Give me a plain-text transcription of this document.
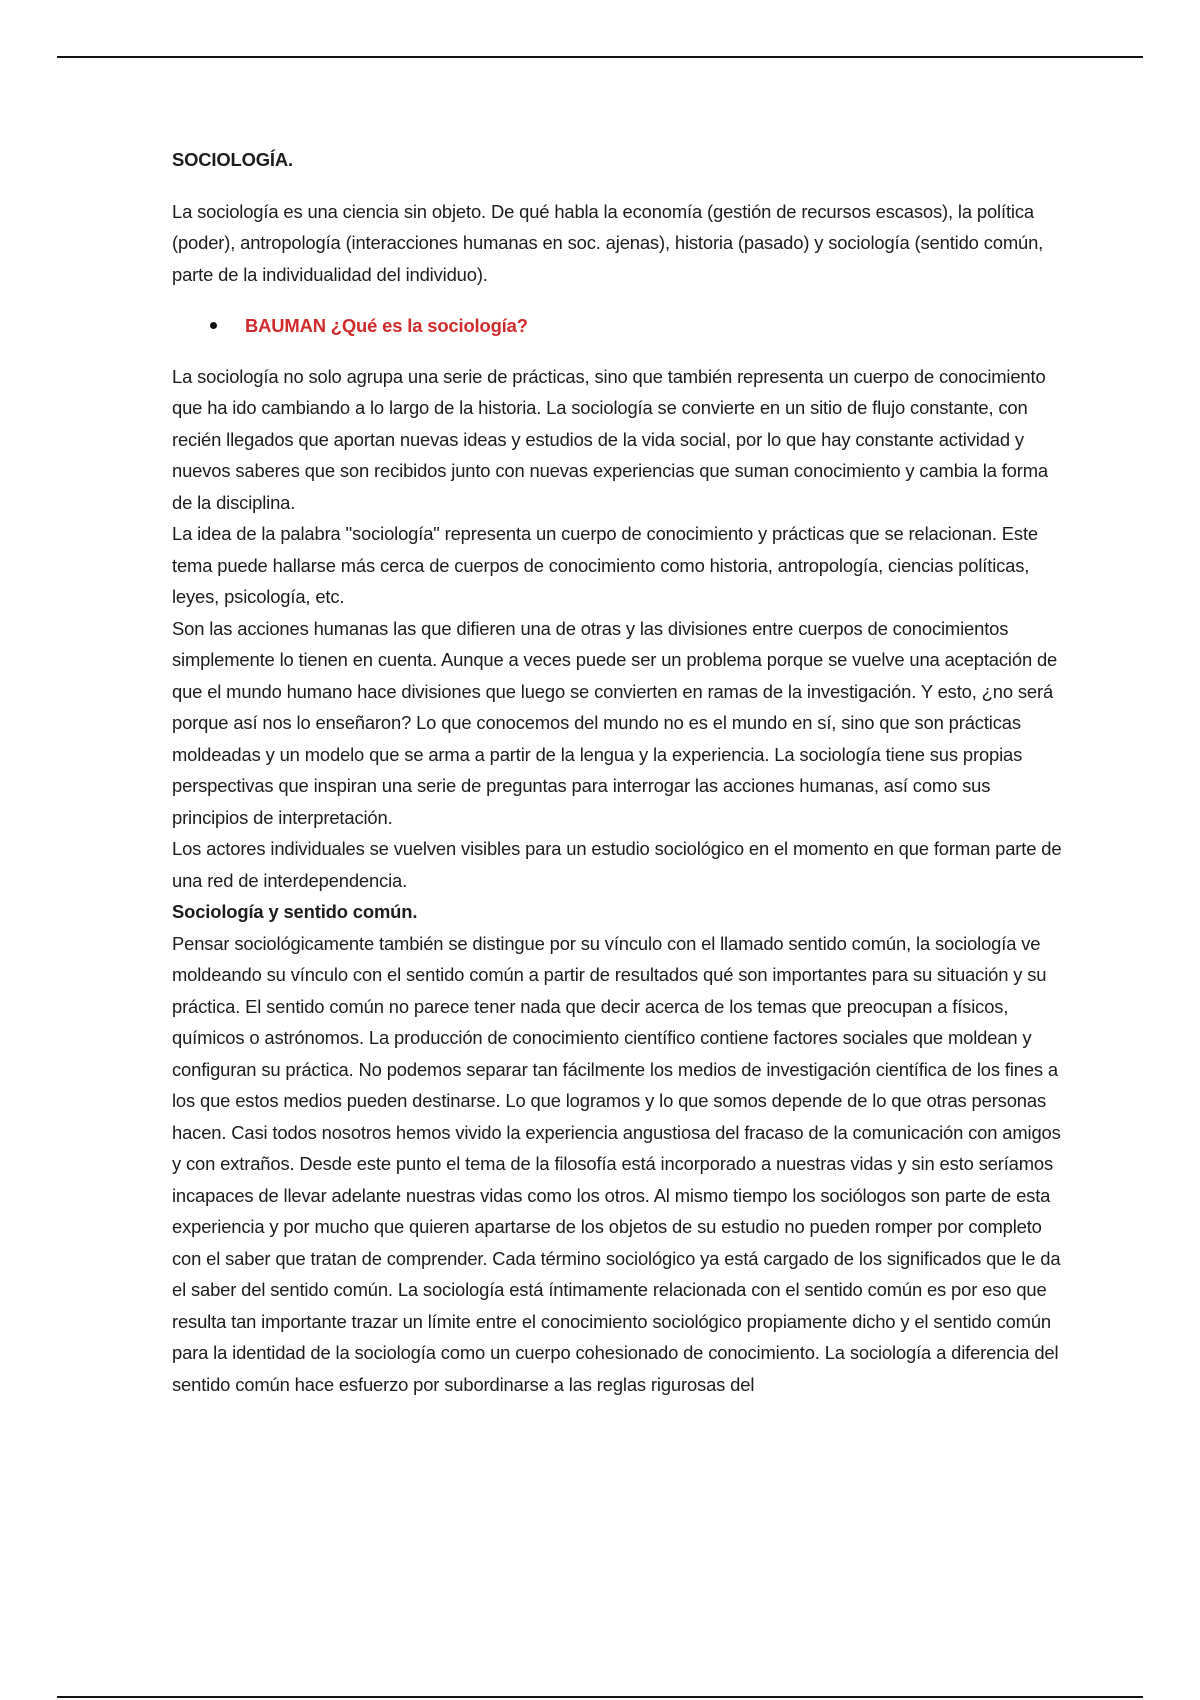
SOCIOLOGÍA.

La sociología es una ciencia sin objeto. De qué habla la economía (gestión de recursos escasos), la política (poder), antropología (interacciones humanas en soc. ajenas), historia (pasado) y sociología (sentido común, parte de la individualidad del individuo).

BAUMAN ¿Qué es la sociología?

La sociología no solo agrupa una serie de prácticas, sino que también representa un cuerpo de conocimiento que ha ido cambiando a lo largo de la historia. La sociología se convierte en un sitio de flujo constante, con recién llegados que aportan nuevas ideas y estudios de la vida social, por lo que hay constante actividad y nuevos saberes que son recibidos junto con nuevas experiencias que suman conocimiento y cambia la forma de la disciplina.

La idea de la palabra "sociología" representa un cuerpo de conocimiento y prácticas que se relacionan. Este tema puede hallarse más cerca de cuerpos de conocimiento como historia, antropología, ciencias políticas, leyes, psicología, etc.

Son las acciones humanas las que difieren una de otras y las divisiones entre cuerpos de conocimientos simplemente lo tienen en cuenta. Aunque a veces puede ser un problema porque se vuelve una aceptación de que el mundo humano hace divisiones que luego se convierten en ramas de la investigación. Y esto, ¿no será porque así nos lo enseñaron? Lo que conocemos del mundo no es el mundo en sí, sino que son prácticas moldeadas y un modelo que se arma a partir de la lengua y la experiencia. La sociología tiene sus propias perspectivas que inspiran una serie de preguntas para interrogar las acciones humanas, así como sus principios de interpretación.

Los actores individuales se vuelven visibles para un estudio sociológico en el momento en que forman parte de una red de interdependencia.

Sociología y sentido común.

Pensar sociológicamente también se distingue por su vínculo con el llamado sentido común, la sociología ve moldeando su vínculo con el sentido común a partir de resultados qué son importantes para su situación y su práctica. El sentido común no parece tener nada que decir acerca de los temas que preocupan a físicos, químicos o astrónomos. La producción de conocimiento científico contiene factores sociales que moldean y configuran su práctica. No podemos separar tan fácilmente los medios de investigación científica de los fines a los que estos medios pueden destinarse. Lo que logramos y lo que somos depende de lo que otras personas hacen. Casi todos nosotros hemos vivido la experiencia angustiosa del fracaso de la comunicación con amigos y con extraños. Desde este punto el tema de la filosofía está incorporado a nuestras vidas y sin esto seríamos incapaces de llevar adelante nuestras vidas como los otros. Al mismo tiempo los sociólogos son parte de esta experiencia y por mucho que quieren apartarse de los objetos de su estudio no pueden romper por completo con el saber que tratan de comprender. Cada término sociológico ya está cargado de los significados que le da el saber del sentido común. La sociología está íntimamente relacionada con el sentido común es por eso que resulta tan importante trazar un límite entre el conocimiento sociológico propiamente dicho y el sentido común para la identidad de la sociología como un cuerpo cohesionado de conocimiento. La sociología a diferencia del sentido común hace esfuerzo por subordinarse a las reglas rigurosas del
